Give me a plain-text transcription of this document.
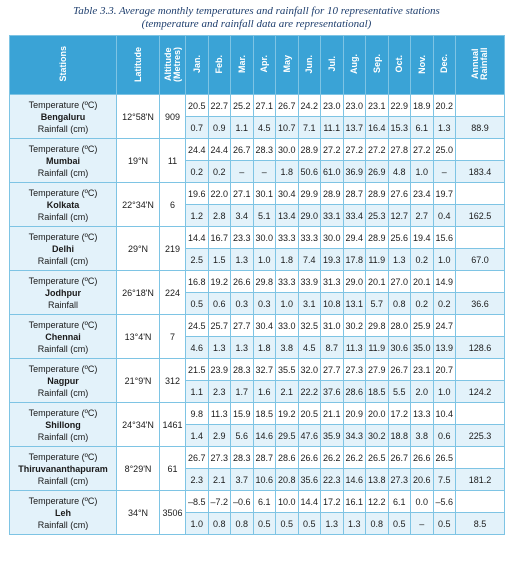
Table 3.3. Average monthly temperatures and rainfall for 10 representative stations
(temperature and rainfall data are representational)
Stations	Latitude	Altitude (Metres)	Jan.	Feb.	Mar.	Apr.	May	Jun.	Jul.	Aug.	Sep.	Oct.	Nov.	Dec.	Annual Rainfall

Temperature (ºC)
Bengaluru
Rainfall (cm)	12°58'N	909	20.5	22.7	25.2	27.1	26.7	24.2	23.0	23.0	23.1	22.9	18.9	20.2	
			0.7	0.9	1.1	4.5	10.7	7.1	11.1	13.7	16.4	15.3	6.1	1.3	88.9

Temperature (ºC)
Mumbai
Rainfall (cm)	19°N	11	24.4	24.4	26.7	28.3	30.0	28.9	27.2	27.2	27.2	27.8	27.2	25.0	
			0.2	0.2	–	–	1.8	50.6	61.0	36.9	26.9	4.8	1.0	–	183.4

Temperature (ºC)
Kolkata
Rainfall (cm)	22°34'N	6	19.6	22.0	27.1	30.1	30.4	29.9	28.9	28.7	28.9	27.6	23.4	19.7	
			1.2	2.8	3.4	5.1	13.4	29.0	33.1	33.4	25.3	12.7	2.7	0.4	162.5

Temperature (ºC)
Delhi
Rainfall (cm)	29°N	219	14.4	16.7	23.3	30.0	33.3	33.3	30.0	29.4	28.9	25.6	19.4	15.6	
			2.5	1.5	1.3	1.0	1.8	7.4	19.3	17.8	11.9	1.3	0.2	1.0	67.0

Temperature (ºC)
Jodhpur
Rainfall	26°18'N	224	16.8	19.2	26.6	29.8	33.3	33.9	31.3	29.0	20.1	27.0	20.1	14.9	
			0.5	0.6	0.3	0.3	1.0	3.1	10.8	13.1	5.7	0.8	0.2	0.2	36.6

Temperature (ºC)
Chennai
Rainfall (cm)	13°4'N	7	24.5	25.7	27.7	30.4	33.0	32.5	31.0	30.2	29.8	28.0	25.9	24.7	
			4.6	1.3	1.3	1.8	3.8	4.5	8.7	11.3	11.9	30.6	35.0	13.9	128.6

Temperature (ºC)
Nagpur
Rainfall (cm)	21°9'N	312	21.5	23.9	28.3	32.7	35.5	32.0	27.7	27.3	27.9	26.7	23.1	20.7	
			1.1	2.3	1.7	1.6	2.1	22.2	37.6	28.6	18.5	5.5	2.0	1.0	124.2

Temperature (ºC)
Shillong
Rainfall (cm)	24°34'N	1461	9.8	11.3	15.9	18.5	19.2	20.5	21.1	20.9	20.0	17.2	13.3	10.4	
			1.4	2.9	5.6	14.6	29.5	47.6	35.9	34.3	30.2	18.8	3.8	0.6	225.3

Temperature (ºC)
Thiruvananthapuram
Rainfall (cm)	8°29'N	61	26.7	27.3	28.3	28.7	28.6	26.6	26.2	26.2	26.5	26.7	26.6	26.5	
			2.3	2.1	3.7	10.6	20.8	35.6	22.3	14.6	13.8	27.3	20.6	7.5	181.2

Temperature (ºC)
Leh
Rainfall (cm)	34°N	3506	–8.5	–7.2	–0.6	6.1	10.0	14.4	17.2	16.1	12.2	6.1	0.0	–5.6	
			1.0	0.8	0.8	0.5	0.5	0.5	1.3	1.3	0.8	0.5	–	0.5	8.5
